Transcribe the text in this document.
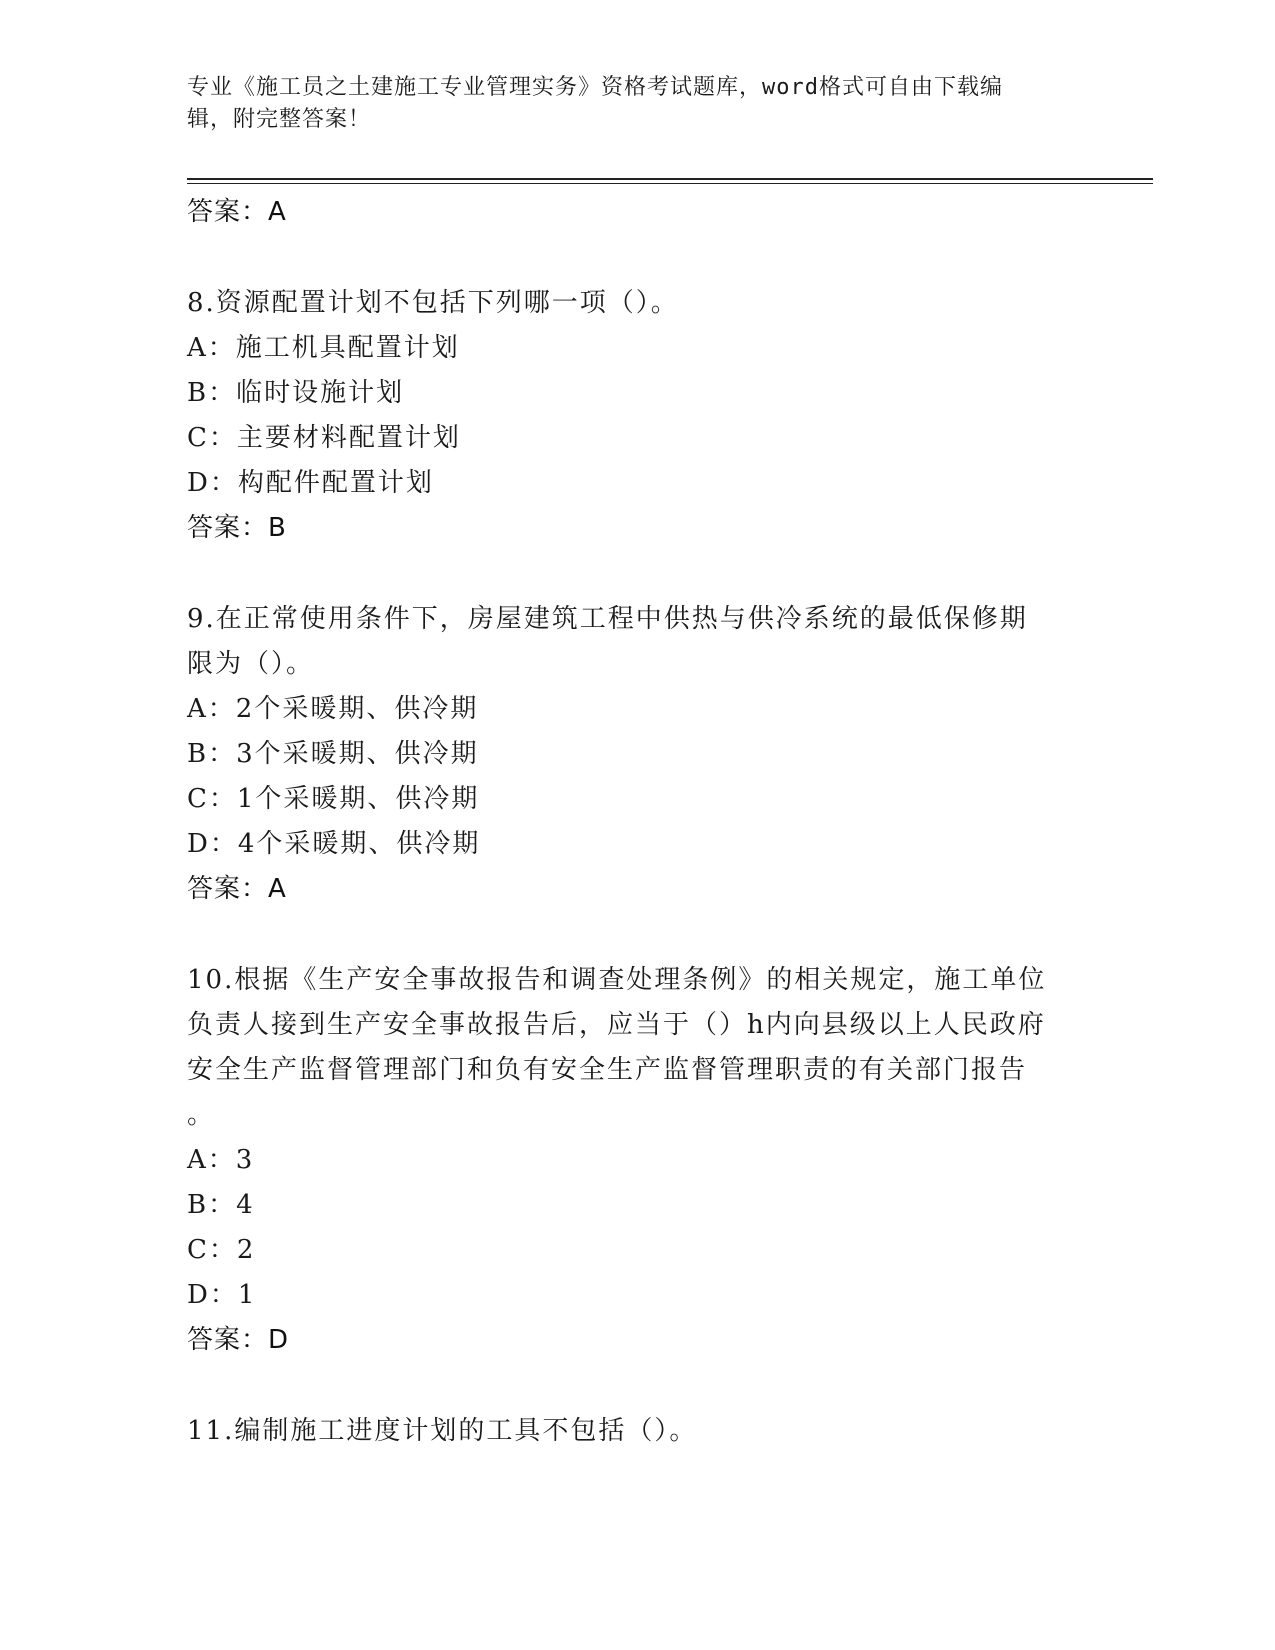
专业《施工员之土建施工专业管理实务》资格考试题库，word格式可自由下载编
辑，附完整答案！
答案：A
8.资源配置计划不包括下列哪一项（）。
A：施工机具配置计划
B：临时设施计划
C：主要材料配置计划
D：构配件配置计划
答案：B
9.在正常使用条件下，房屋建筑工程中供热与供冷系统的最低保修期
限为（）。
A：2个采暖期、供冷期
B：3个采暖期、供冷期
C：1个采暖期、供冷期
D：4个采暖期、供冷期
答案：A
10.根据《生产安全事故报告和调查处理条例》的相关规定，施工单位
负责人接到生产安全事故报告后，应当于（）h内向县级以上人民政府
安全生产监督管理部门和负有安全生产监督管理职责的有关部门报告
。
A：3
B：4
C：2
D：1
答案：D
11.编制施工进度计划的工具不包括（）。
